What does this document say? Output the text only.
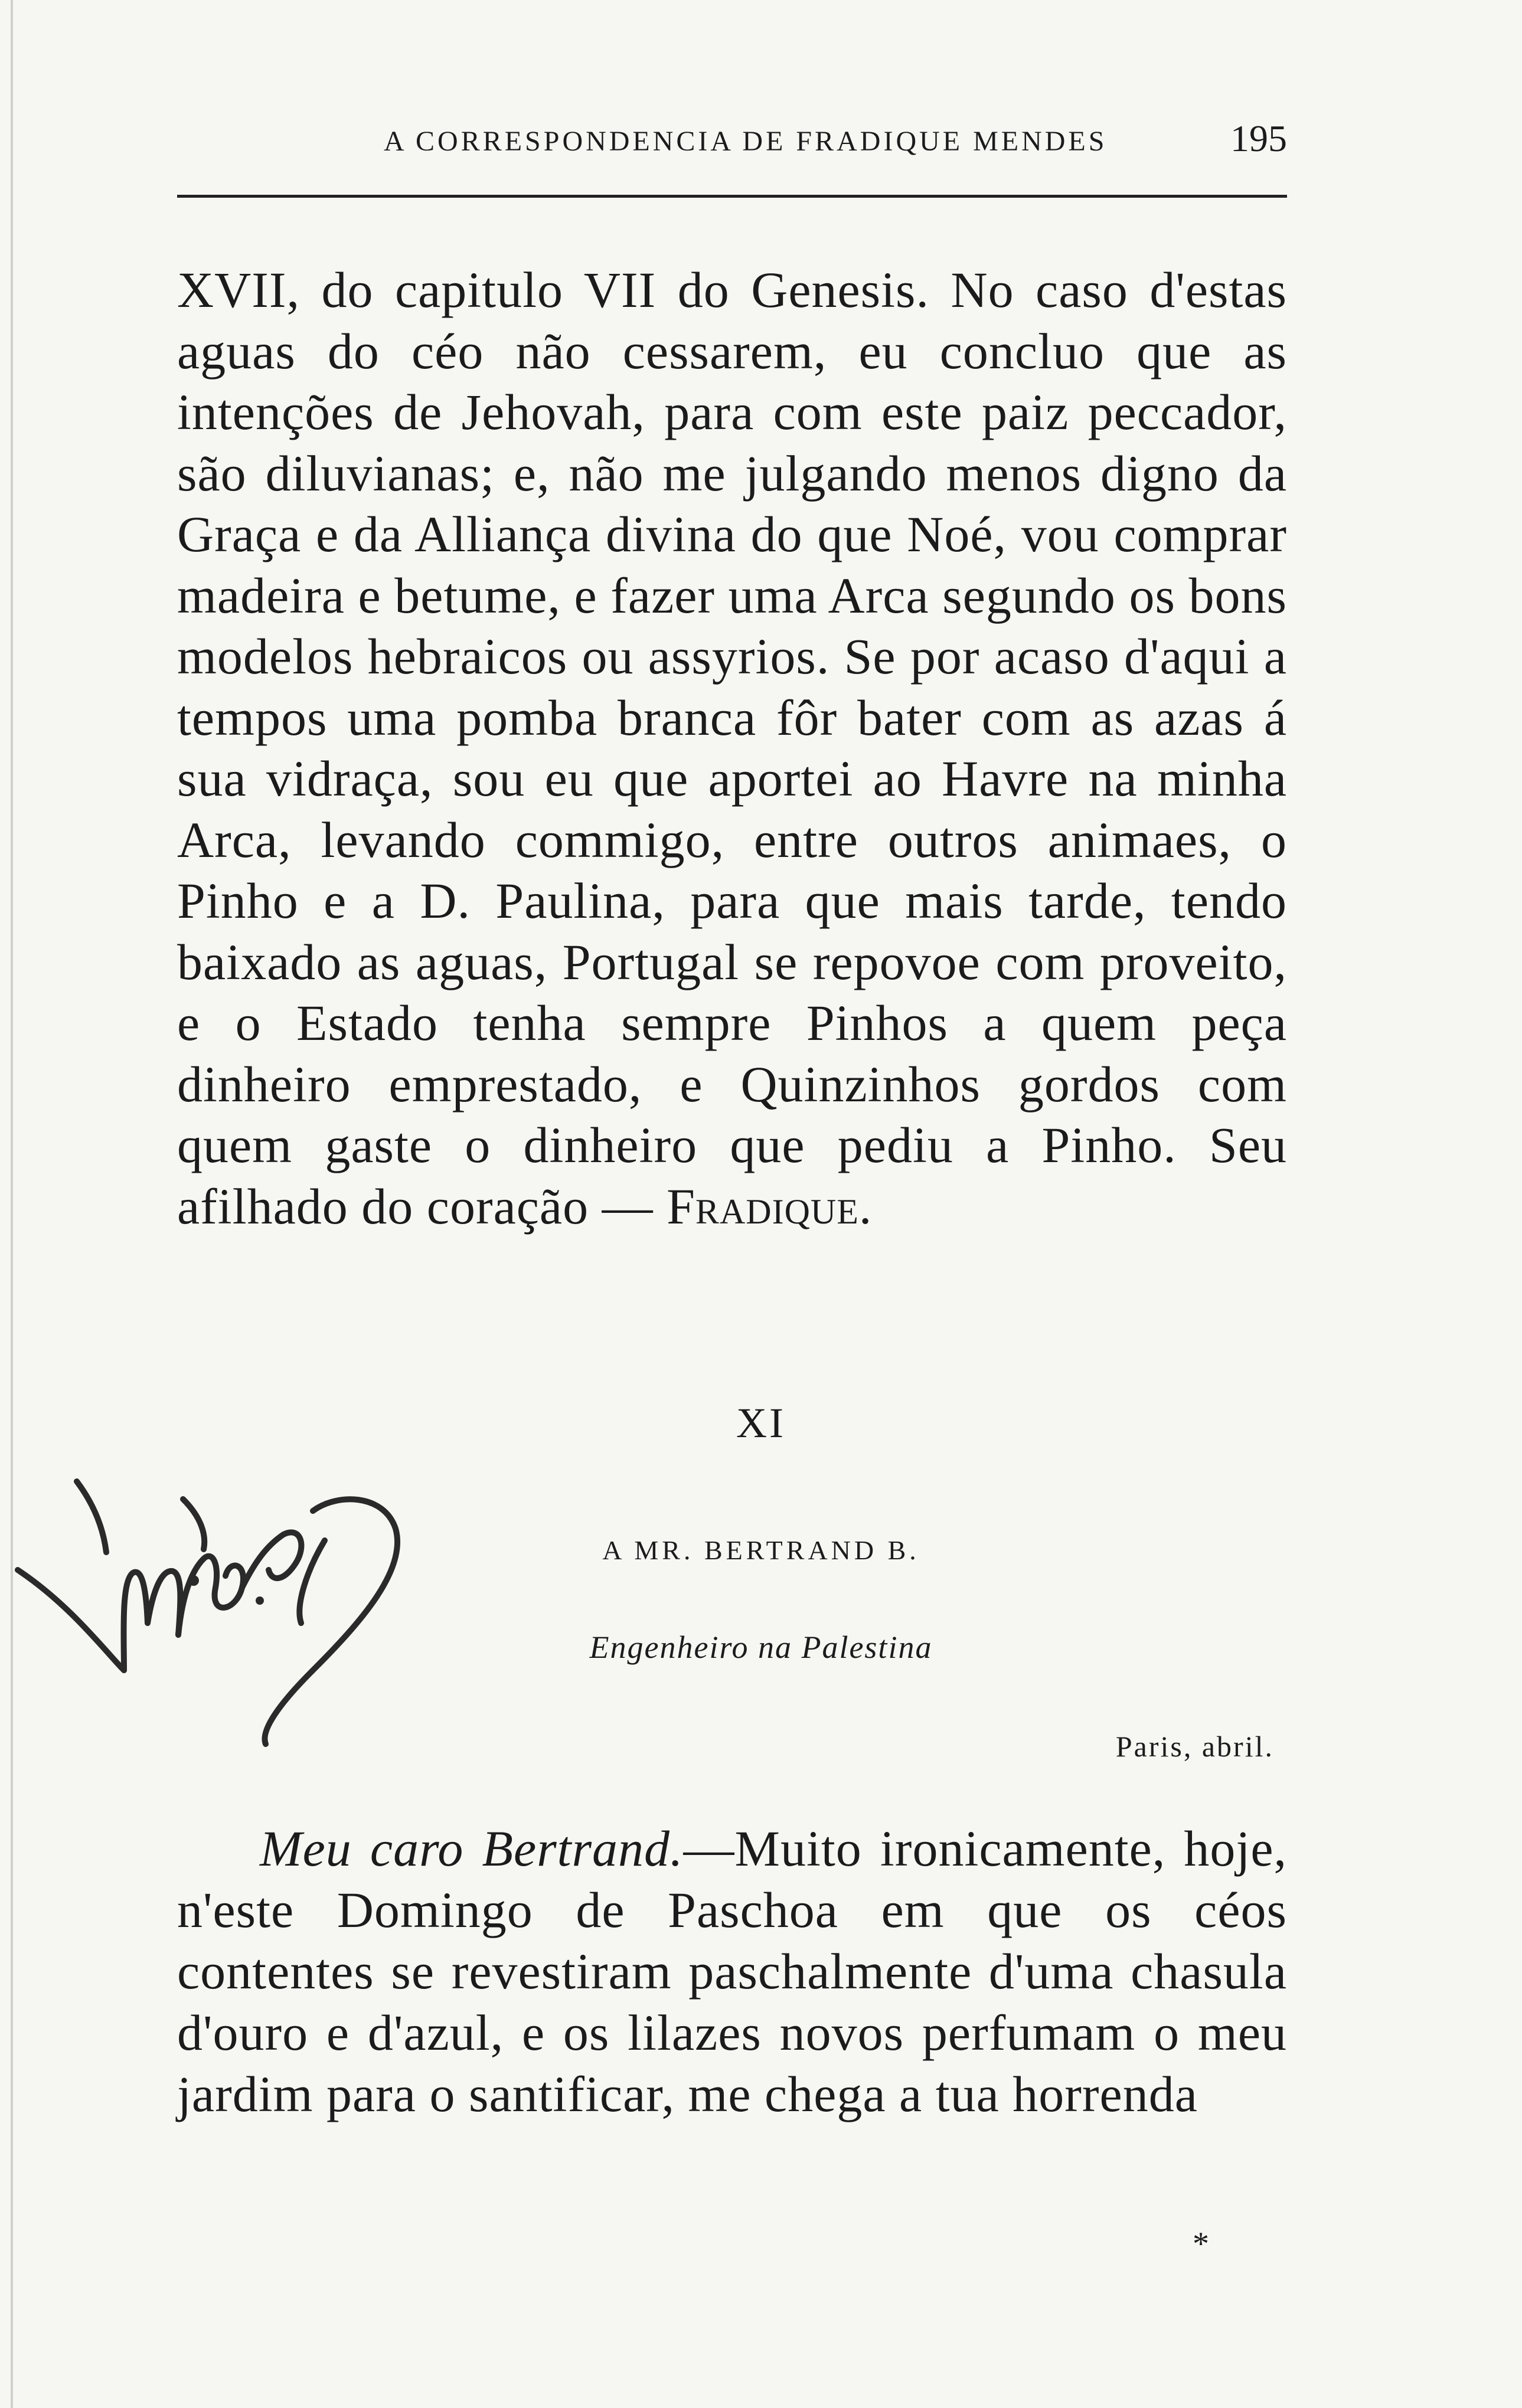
A CORRESPONDENCIA DE FRADIQUE MENDES	195

XVII, do capitulo VII do Genesis. No caso d'estas aguas do céo não cessarem, eu concluo que as intenções de Jehovah, para com este paiz peccador, são diluvianas; e, não me julgando menos digno da Graça e da Alliança divina do que Noé, vou comprar madeira e betume, e fazer uma Arca segundo os bons modelos hebraicos ou assyrios. Se por acaso d'aqui a tempos uma pomba branca fôr bater com as azas á sua vidraça, sou eu que aportei ao Havre na minha Arca, levando commigo, entre outros animaes, o Pinho e a D. Paulina, para que mais tarde, tendo baixado as aguas, Portugal se repovoe com proveito, e o Estado tenha sempre Pinhos a quem peça dinheiro emprestado, e Quinzinhos gordos com quem gaste o dinheiro que pediu a Pinho. Seu afilhado do coração — Fradique.

XI
A MR. BERTRAND B.
Engenheiro na Palestina
Paris, abril.

Meu caro Bertrand.—Muito ironicamente, hoje, n'este Domingo de Paschoa em que os céos contentes se revestiram paschalmente d'uma chasula d'ouro e d'azul, e os lilazes novos perfumam o meu jardim para o santificar, me chega a tua horrenda

*
